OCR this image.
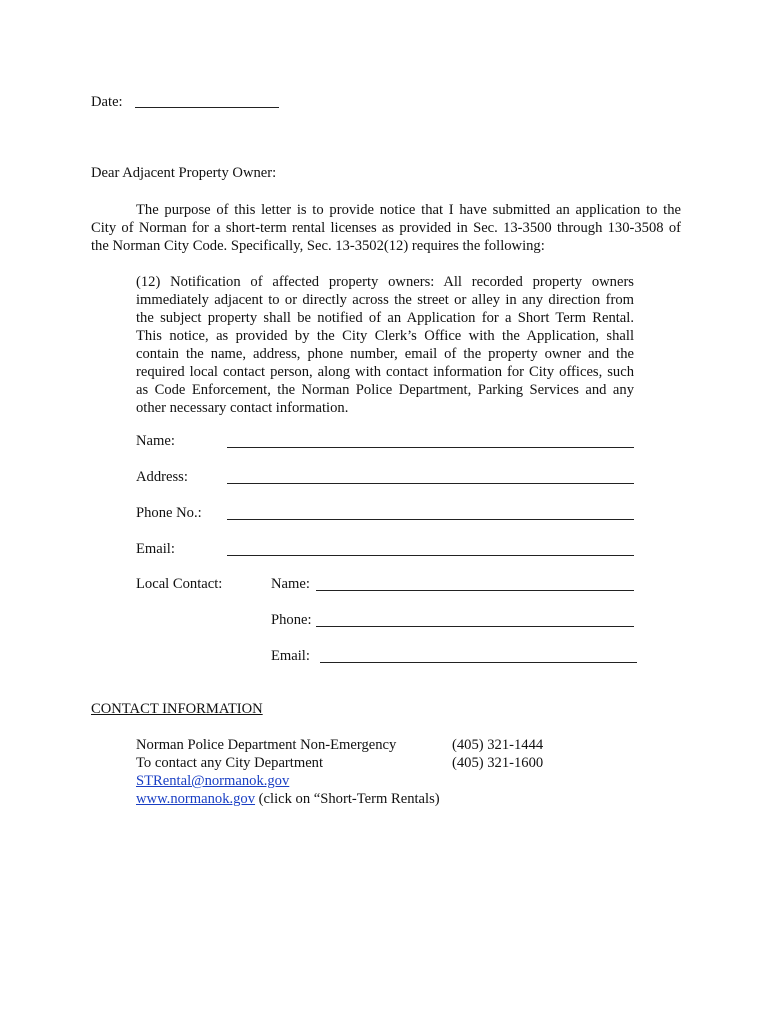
Date:
Dear Adjacent Property Owner:
The purpose of this letter is to provide notice that I have submitted an application to the
City of Norman for a short-term rental licenses as provided in Sec. 13-3500 through 130-3508 of
the Norman City Code. Specifically, Sec. 13-3502(12) requires the following:
(12) Notification of affected property owners: All recorded property owners
immediately adjacent to or directly across the street or alley in any direction from
the subject property shall be notified of an Application for a Short Term Rental.
This notice, as provided by the City Clerk’s Office with the Application, shall
contain the name, address, phone number, email of the property owner and the
required local contact person, along with contact information for City offices, such
as Code Enforcement, the Norman Police Department, Parking Services and any
other necessary contact information.
Name:
Address:
Phone No.:
Email:
Local Contact:	Name:
Phone:
Email:
CONTACT INFORMATION
Norman Police Department Non-Emergency	(405) 321-1444
To contact any City Department	(405) 321-1600
STRental@normanok.gov
www.normanok.gov (click on “Short-Term Rentals)
